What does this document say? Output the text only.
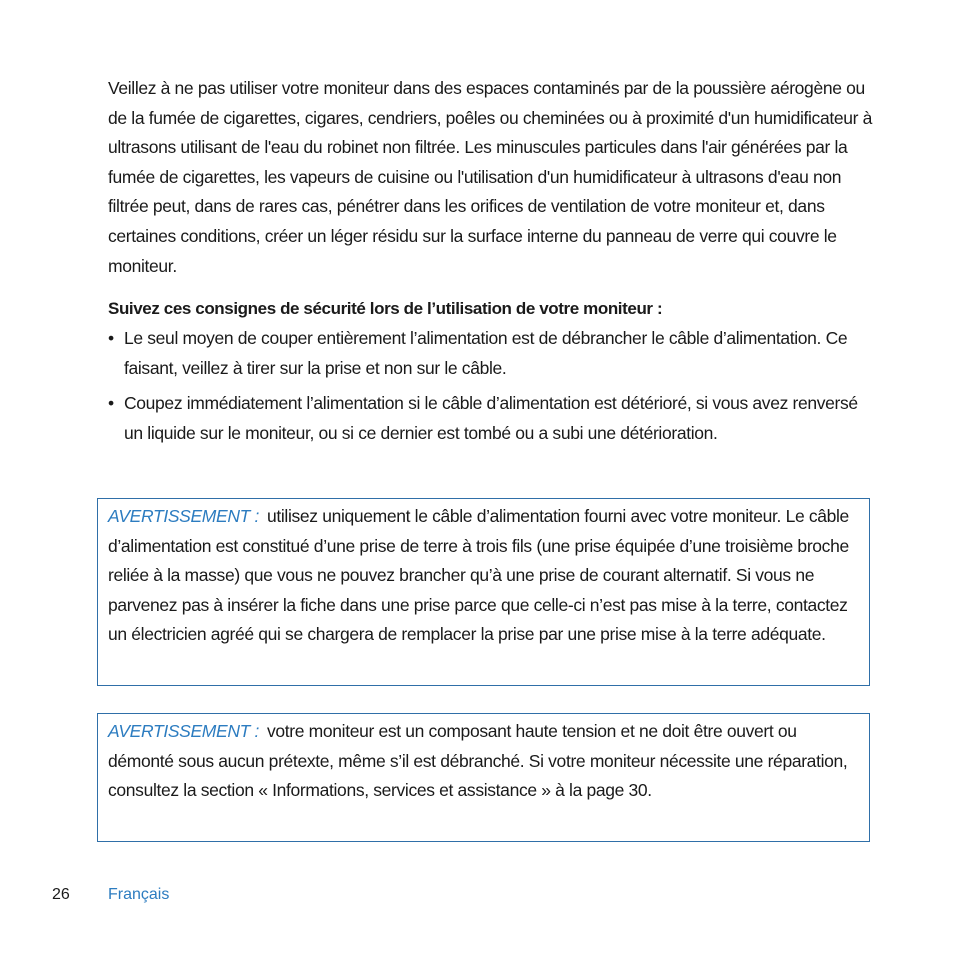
Veillez à ne pas utiliser votre moniteur dans des espaces contaminés par de la poussière aérogène ou de la fumée de cigarettes, cigares, cendriers, poêles ou cheminées ou à proximité d'un humidificateur à ultrasons utilisant de l'eau du robinet non filtrée. Les minuscules particules dans l'air générées par la fumée de cigarettes, les vapeurs de cuisine ou l'utilisation d'un humidificateur à ultrasons d'eau non filtrée peut, dans de rares cas, pénétrer dans les orifices de ventilation de votre moniteur et, dans certaines conditions, créer un léger résidu sur la surface interne du panneau de verre qui couvre le moniteur.

Suivez ces consignes de sécurité lors de l’utilisation de votre moniteur :

• Le seul moyen de couper entièrement l’alimentation est de débrancher le câble d’alimentation. Ce faisant, veillez à tirer sur la prise et non sur le câble.
• Coupez immédiatement l’alimentation si le câble d’alimentation est détérioré, si vous avez renversé un liquide sur le moniteur, ou si ce dernier est tombé ou a subi une détérioration.
AVERTISSEMENT : utilisez uniquement le câble d’alimentation fourni avec votre moniteur. Le câble d’alimentation est constitué d’une prise de terre à trois fils (une prise équipée d’une troisième broche reliée à la masse) que vous ne pouvez brancher qu’à une prise de courant alternatif. Si vous ne parvenez pas à insérer la fiche dans une prise parce que celle-ci n’est pas mise à la terre, contactez un électricien agréé qui se chargera de remplacer la prise par une prise mise à la terre adéquate.
AVERTISSEMENT : votre moniteur est un composant haute tension et ne doit être ouvert ou démonté sous aucun prétexte, même s’il est débranché. Si votre moniteur nécessite une réparation, consultez la section « Informations, services et assistance » à la page 30.
26 Français
